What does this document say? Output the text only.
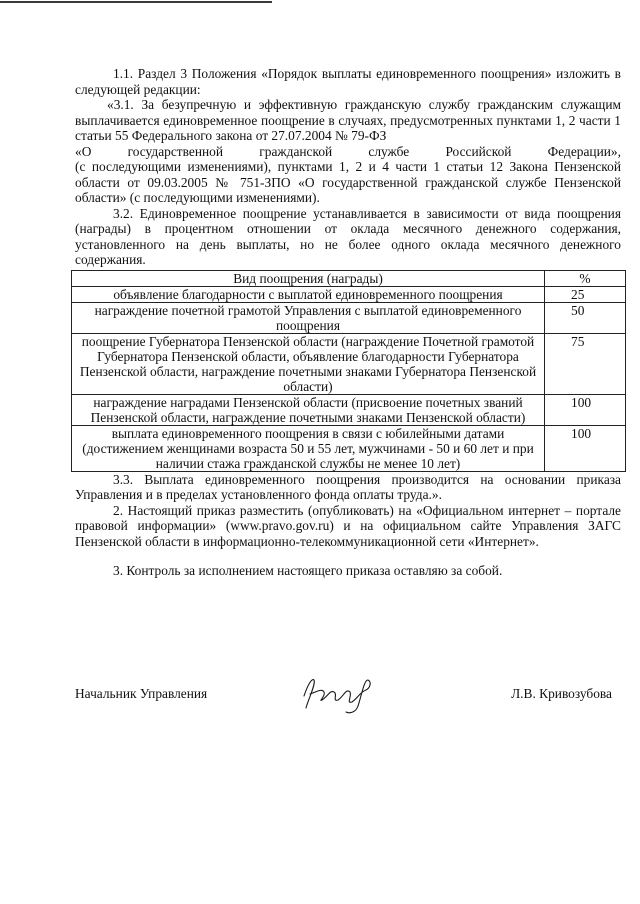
1.1. Раздел 3 Положения «Порядок выплаты единовременного поощрения» изложить в следующей редакции:

«3.1. За безупречную и эффективную гражданскую службу гражданским служащим выплачивается единовременное поощрение в случаях, предусмотренных пунктами 1, 2 части 1 статьи 55 Федерального закона от 27.07.2004 № 79-ФЗ

«О	государственной	гражданской	службе	Российской	Федерации»,

(с последующими изменениями), пунктами 1, 2 и 4 части 1 статьи 12 Закона Пензенской области от 09.03.2005 № 751-ЗПО «О государственной гражданской службе Пензенской области» (с последующими изменениями).

3.2. Единовременное поощрение устанавливается в зависимости от вида поощрения (награды) в процентном отношении от оклада месячного денежного содержания, установленного на день выплаты, но не более одного оклада месячного денежного содержания.

Вид поощрения (награды)	%
объявление благодарности с выплатой единовременного поощрения	25
награждение почетной грамотой Управления с выплатой единовременного поощрения	50
поощрение Губернатора Пензенской области (награждение Почетной грамотой Губернатора Пензенской области, объявление благодарности Губернатора Пензенской области, награждение почетными знаками Губернатора Пензенской области)	75
награждение наградами Пензенской области (присвоение почетных званий Пензенской области, награждение почетными знаками Пензенской области)	100
выплата единовременного поощрения в связи с юбилейными датами (достижением женщинами возраста 50 и 55 лет, мужчинами - 50 и 60 лет и при наличии стажа гражданской службы не менее 10 лет)	100

3.3. Выплата единовременного поощрения производится на основании приказа Управления и в пределах установленного фонда оплаты труда.».

2. Настоящий приказ разместить (опубликовать) на «Официальном интернет – портале правовой информации» (www.pravo.gov.ru) и на официальном сайте Управления ЗАГС Пензенской области в информационно-телекоммуникационной сети «Интернет».

3. Контроль за исполнением настоящего приказа оставляю за собой.

Начальник Управления	Л.В. Кривозубова
